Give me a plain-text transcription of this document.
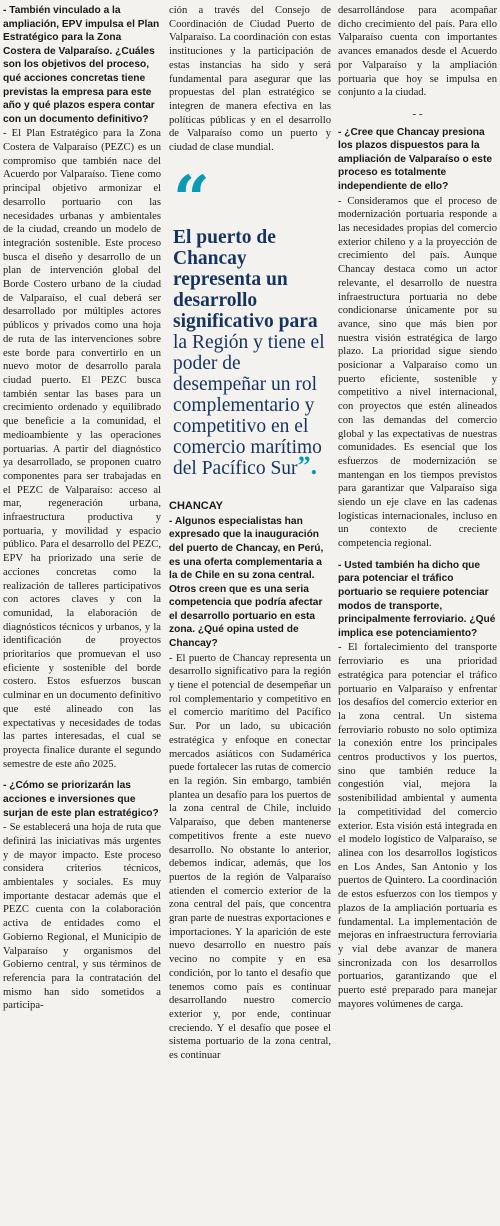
- También vinculado a la ampliación, EPV impulsa el Plan Estratégico para la Zona Costera de Valparaíso. ¿Cuáles son los objetivos del proceso, qué acciones concretas tiene previstas la empresa para este año y qué plazos espera contar con un documento definitivo?

- El Plan Estratégico para la Zona Costera de Valparaíso (PEZC) es un compromiso que también nace del Acuerdo por Valparaíso. Tiene como principal objetivo armonizar el desarrollo portuario con las necesidades urbanas y ambientales de la ciudad, creando un modelo de integración sostenible. Este proceso busca el diseño y desarrollo de un plan de intervención global del Borde Costero urbano de la ciudad de Valparaíso, el cual deberá ser desarrollado por múltiples actores públicos y privados como una hoja de ruta de las intervenciones sobre este borde para convertirlo en un nuevo motor de desarrollo parala ciudad puerto. El PEZC busca también sentar las bases para un crecimiento ordenado y equilibrado que beneficie a la comunidad, el medioambiente y las operaciones portuarias. A partir del diagnóstico ya desarrollado, se proponen cuatro componentes para ser trabajadas en el PEZC de Valparaíso: acceso al mar, regeneración urbana, infraestructura productiva y portuaria, y movilidad y espacio público. Para el desarrollo del PEZC, EPV ha priorizado una serie de acciones concretas como la realización de talleres participativos con actores claves y con la comunidad, la elaboración de diagnósticos técnicos y urbanos, y la identificación de proyectos prioritarios que promuevan el uso eficiente y sostenible del borde costero. Estos esfuerzos buscan culminar en un documento definitivo que esté alineado con las expectativas y necesidades de todas las partes interesadas, el cual se proyecta finalice durante el segundo semestre de este año 2025.

- ¿Cómo se priorizarán las acciones e inversiones que surjan de este plan estratégico?

- Se establecerá una hoja de ruta que definirá las iniciativas más urgentes y de mayor impacto. Este proceso considera criterios técnicos, ambientales y sociales. Es muy importante destacar además que el PEZC cuenta con la colaboración activa de entidades como el Gobierno Regional, el Municipio de Valparaíso y organismos del Gobierno central, y sus términos de referencia para la contratación del mismo han sido sometidos a participa-

ción a través del Consejo de Coordinación de Ciudad Puerto de Valparaíso. La coordinación con estas instituciones y la participación de estas instancias ha sido y será fundamental para asegurar que las propuestas del plan estratégico se integren de manera efectiva en las políticas públicas y en el desarrollo de Valparaíso como un puerto y ciudad de clase mundial.

“
El puerto de Chancay representa un desarrollo significativo para la Región y tiene el poder de desempeñar un rol complementario y competitivo en el comercio marítimo del Pacífico Sur”.
CHANCAY

- Algunos especialistas han expresado que la inauguración del puerto de Chancay, en Perú, es una oferta complementaria a la de Chile en su zona central. Otros creen que es una seria competencia que podría afectar el desarrollo portuario en esta zona. ¿Qué opina usted de Chancay?

- El puerto de Chancay representa un desarrollo significativo para la región y tiene el potencial de desempeñar un rol complementario y competitivo en el comercio marítimo del Pacífico Sur. Por un lado, su ubicación estratégica y enfoque en conectar mercados asiáticos con Sudamérica puede fortalecer las rutas de comercio en la región. Sin embargo, también plantea un desafío para los puertos de la zona central de Chile, incluido Valparaíso, que deben mantenerse competitivos frente a este nuevo desarrollo. No obstante lo anterior, debemos indicar, además, que los puertos de la región de Valparaíso atienden el comercio exterior de la zona central del país, que concentra gran parte de nuestras exportaciones e importaciones. Y la aparición de este nuevo desarrollo en nuestro país vecino no compite y en esa condición, por lo tanto el desafío que tenemos como país es continuar desarrollando nuestro comercio exterior y, por ende, continuar creciendo. Y el desafío que posee el sistema portuario de la zona central, es continuar

desarrollándose para acompañar dicho crecimiento del país. Para ello Valparaíso cuenta con importantes avances emanados desde el Acuerdo por Valparaíso y la ampliación portuaria que hoy se impulsa en conjunto a la ciudad.

- -

- ¿Cree que Chancay presiona los plazos dispuestos para la ampliación de Valparaíso o este proceso es totalmente independiente de ello?

- Consideramos que el proceso de modernización portuaria responde a las necesidades propias del comercio exterior chileno y a la proyección de crecimiento del país. Aunque Chancay destaca como un actor relevante, el desarrollo de nuestra infraestructura portuaria no debe condicionarse únicamente por su avance, sino que más bien por nuestra visión estratégica de largo plazo. La prioridad sigue siendo posicionar a Valparaíso como un puerto eficiente, sostenible y competitivo a nivel internacional, con proyectos que estén alineados con las demandas del comercio global y las expectativas de nuestras comunidades. Es esencial que los esfuerzos de modernización se mantengan en los tiempos previstos para garantizar que Valparaíso siga siendo un eje clave en las cadenas logísticas internacionales, incluso en un contexto de creciente competencia regional.

- Usted también ha dicho que para potenciar el tráfico portuario se requiere potenciar modos de transporte, principalmente ferroviario. ¿Qué implica ese potenciamiento?

- El fortalecimiento del transporte ferroviario es una prioridad estratégica para potenciar el tráfico portuario en Valparaíso y enfrentar los desafíos del comercio exterior en la zona central. Un sistema ferroviario robusto no solo optimiza la conexión entre los principales centros productivos y los puertos, sino que también reduce la congestión vial, mejora la sostenibilidad ambiental y aumenta la competitividad del comercio exterior. Esta visión está integrada en el modelo logístico de Valparaíso, se alinea con los desarrollos logísticos en Los Andes, San Antonio y los puertos de Quintero. La coordinación de estos esfuerzos con los tiempos y plazos de la ampliación portuaria es fundamental. La implementación de mejoras en infraestructura ferroviaria y vial debe avanzar de manera sincronizada con los desarrollos portuarios, garantizando que el puerto esté preparado para manejar mayores volúmenes de carga.
